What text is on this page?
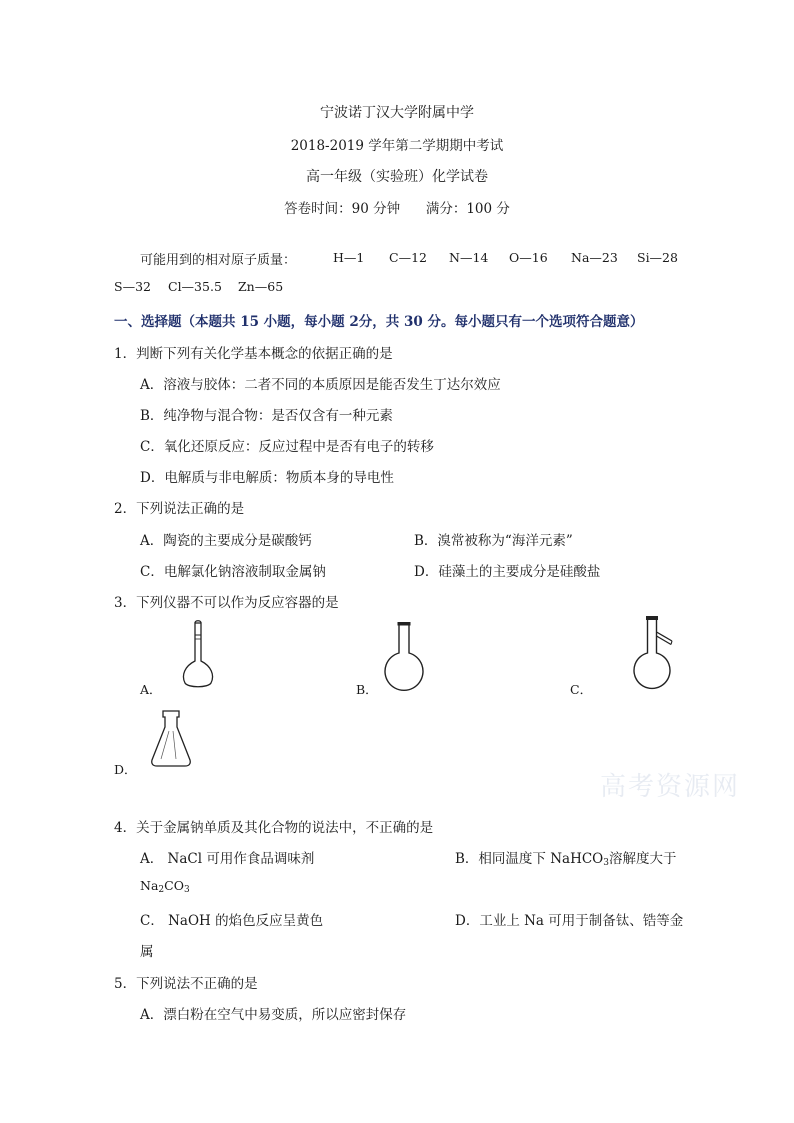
宁波诺丁汉大学附属中学
2018-2019 学年第二学期期中考试
高一年级（实验班）化学试卷
答卷时间：90 分钟      满分：100 分
可能用到的相对原子质量：	H—1 C—12 N—14 O—16 Na—23 Si—28
S—32 Cl—35.5 Zn—65
一、选择题（本题共 15 小题，每小题 2分，共 30 分。每小题只有一个选项符合题意）
1．判断下列有关化学基本概念的依据正确的是
A．溶液与胶体：二者不同的本质原因是能否发生丁达尔效应
B．纯净物与混合物：是否仅含有一种元素
C．氧化还原反应：反应过程中是否有电子的转移
D．电解质与非电解质：物质本身的导电性
2．下列说法正确的是
A．陶瓷的主要成分是碳酸钙	B．溴常被称为“海洋元素”
C．电解氯化钠溶液制取金属钠	D．硅藻土的主要成分是硅酸盐
3．下列仪器不可以作为反应容器的是
A．	B．	C．
D．
高考资源网
4．关于金属钠单质及其化合物的说法中，不正确的是
A． NaCl 可用作食品调味剂	B．相同温度下 NaHCO$_3$溶解度大于
$Na_2CO_3$
C． NaOH 的焰色反应呈黄色	D．工业上 Na 可用于制备钛、锆等金
属
5．下列说法不正确的是
A．漂白粉在空气中易变质，所以应密封保存
